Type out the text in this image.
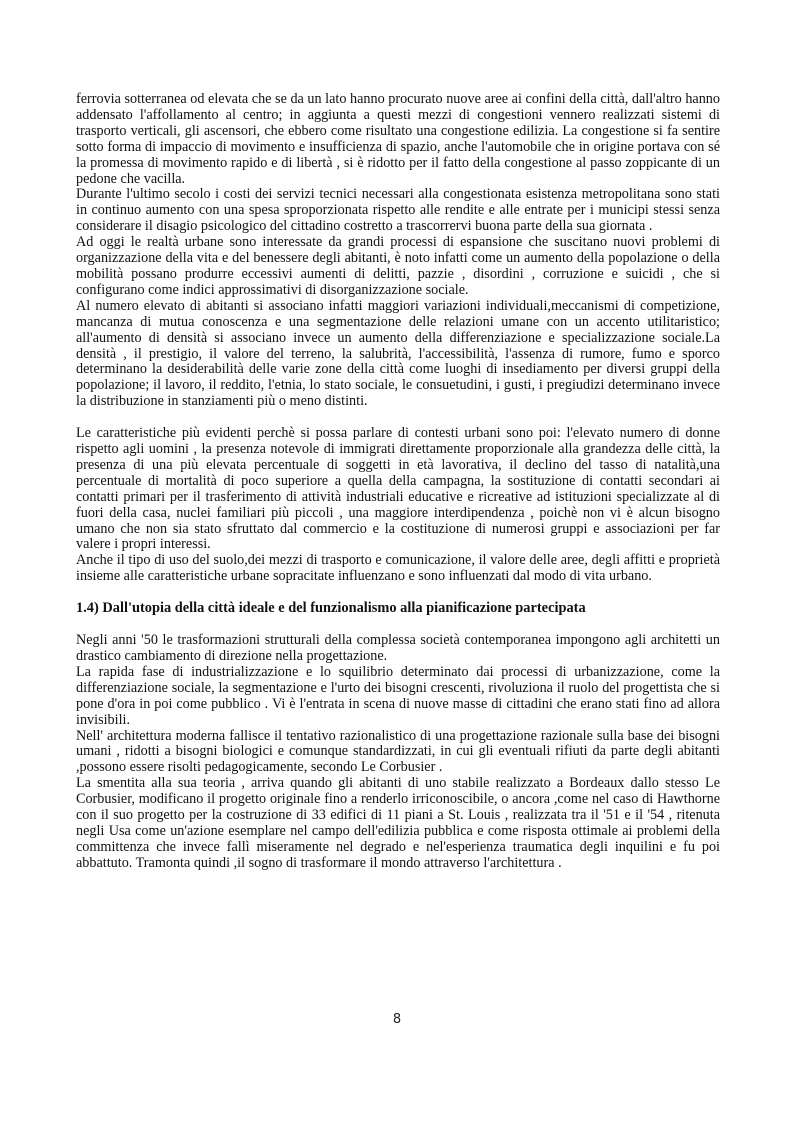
ferrovia sotterranea od elevata che se da un lato hanno procurato nuove aree ai confini della città, dall'altro hanno addensato l'affollamento al centro; in aggiunta a questi mezzi di congestioni vennero realizzati sistemi di trasporto verticali, gli ascensori, che ebbero come risultato una congestione edilizia. La congestione si fa sentire sotto forma di impaccio di movimento e insufficienza di spazio, anche l'automobile che in origine portava con sé la promessa di movimento rapido e di libertà , si è ridotto per il fatto della congestione al passo zoppicante di un pedone che vacilla.

Durante l'ultimo secolo i costi dei servizi tecnici necessari alla congestionata esistenza metropolitana sono stati in continuo aumento con una spesa sproporzionata rispetto alle rendite e alle entrate per i municipi stessi senza considerare il disagio psicologico del cittadino costretto a trascorrervi buona parte della sua giornata .

Ad oggi le realtà urbane sono interessate da grandi processi di espansione che suscitano nuovi problemi di organizzazione della vita e del benessere degli abitanti, è noto infatti come un aumento della popolazione o della mobilità possano produrre eccessivi aumenti di delitti, pazzie , disordini , corruzione e suicidi , che si configurano come indici approssimativi di disorganizzazione sociale.

Al numero elevato di abitanti si associano infatti maggiori variazioni individuali,meccanismi di competizione, mancanza di mutua conoscenza e una segmentazione delle relazioni umane con un accento utilitaristico; all'aumento di densità si associano invece un aumento della differenziazione e specializzazione sociale.La densità , il prestigio, il valore del terreno, la salubrità, l'accessibilità, l'assenza di rumore, fumo e sporco determinano la desiderabilità delle varie zone della città come luoghi di insediamento per diversi gruppi della popolazione; il lavoro, il reddito, l'etnia, lo stato sociale, le consuetudini, i gusti, i pregiudizi determinano invece la distribuzione in stanziamenti più o meno distinti.

Le caratteristiche più evidenti perchè si possa parlare di contesti urbani sono poi: l'elevato numero di donne rispetto agli uomini , la presenza notevole di immigrati direttamente proporzionale alla grandezza delle città, la presenza di una più elevata percentuale di soggetti in età lavorativa, il declino del tasso di natalità,una percentuale di mortalità di poco superiore a quella della campagna, la sostituzione di contatti secondari ai contatti primari per il trasferimento di attività industriali educative e ricreative ad istituzioni specializzate al di fuori della casa, nuclei familiari più piccoli , una maggiore interdipendenza , poichè non vi è alcun bisogno umano che non sia stato sfruttato dal commercio e la costituzione di numerosi gruppi e associazioni per far valere i propri interessi.

Anche il tipo di uso del suolo,dei mezzi di trasporto e comunicazione, il valore delle aree, degli affitti e proprietà insieme alle caratteristiche urbane sopracitate influenzano e sono influenzati dal modo di vita urbano.

1.4) Dall'utopia della città ideale e del funzionalismo alla pianificazione partecipata

Negli anni '50 le trasformazioni strutturali della complessa società contemporanea impongono agli architetti un drastico cambiamento di direzione nella progettazione.

La rapida fase di industrializzazione e lo squilibrio determinato dai processi di urbanizzazione, come la differenziazione sociale, la segmentazione e l'urto dei bisogni crescenti, rivoluziona il ruolo del progettista che si pone d'ora in poi come pubblico . Vi è l'entrata in scena di nuove masse di cittadini che erano stati fino ad allora invisibili.

Nell' architettura moderna fallisce il tentativo razionalistico di una progettazione razionale sulla base dei bisogni umani , ridotti a bisogni biologici e comunque standardizzati, in cui gli eventuali rifiuti da parte degli abitanti ,possono essere risolti pedagogicamente, secondo Le Corbusier .

La smentita alla sua teoria , arriva quando gli abitanti di uno stabile realizzato a Bordeaux dallo stesso Le Corbusier, modificano il progetto originale fino a renderlo irriconoscibile, o ancora ,come nel caso di Hawthorne con il suo progetto per la costruzione di 33 edifici di 11 piani a St. Louis , realizzata tra il '51 e il '54 , ritenuta negli Usa come un'azione esemplare nel campo dell'edilizia pubblica e come risposta ottimale ai problemi della committenza che invece fallì miseramente nel degrado e nel'esperienza traumatica degli inquilini e fu poi abbattuto. Tramonta quindi ,il sogno di trasformare il mondo attraverso l'architettura .

8
